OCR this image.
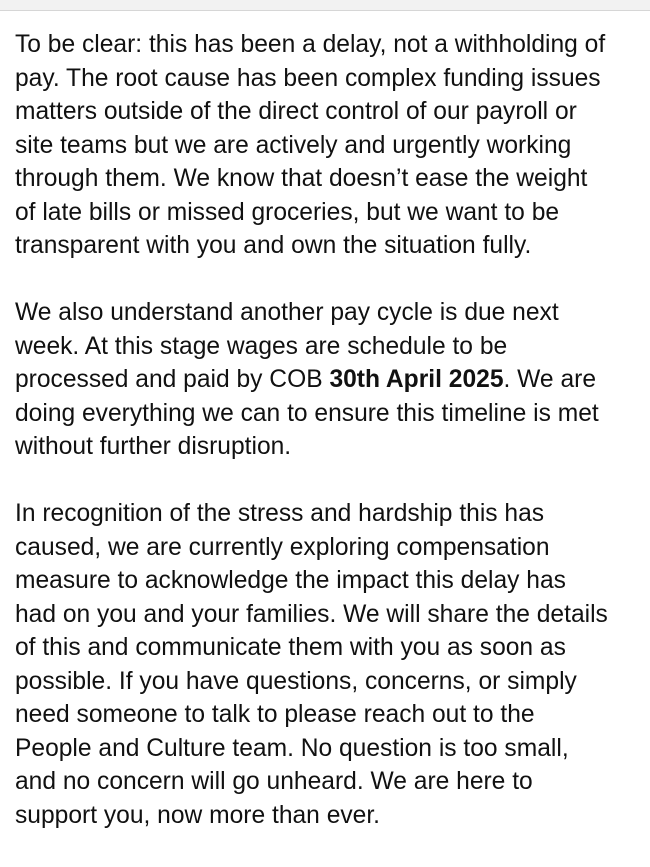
To be clear: this has been a delay, not a withholding of
pay. The root cause has been complex funding issues
matters outside of the direct control of our payroll or
site teams but we are actively and urgently working
through them. We know that doesn’t ease the weight
of late bills or missed groceries, but we want to be
transparent with you and own the situation fully.

We also understand another pay cycle is due next
week. At this stage wages are schedule to be
processed and paid by COB 30th April 2025. We are
doing everything we can to ensure this timeline is met
without further disruption.

In recognition of the stress and hardship this has
caused, we are currently exploring compensation
measure to acknowledge the impact this delay has
had on you and your families. We will share the details
of this and communicate them with you as soon as
possible. If you have questions, concerns, or simply
need someone to talk to please reach out to the
People and Culture team. No question is too small,
and no concern will go unheard. We are here to
support you, now more than ever.
